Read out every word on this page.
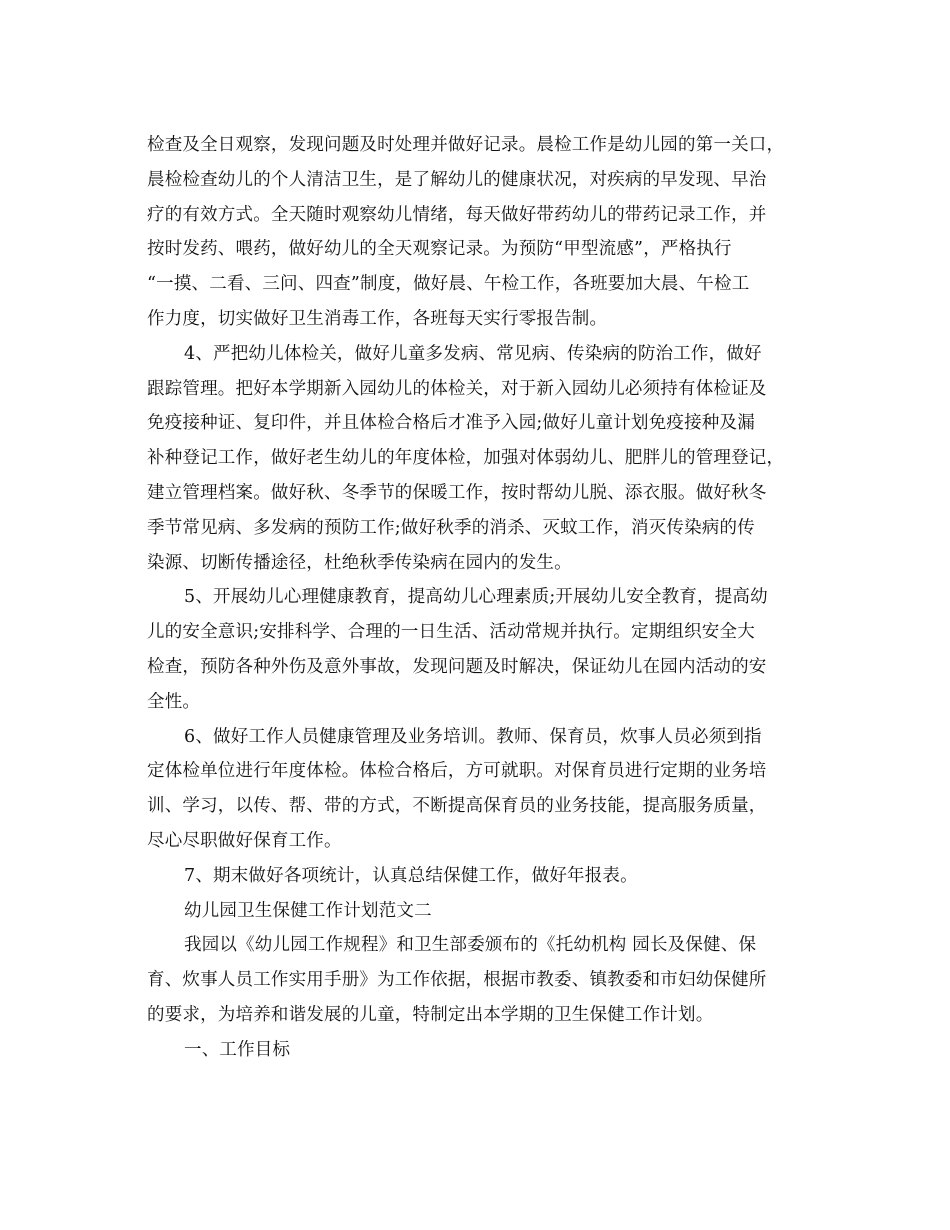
检查及全日观察，发现问题及时处理并做好记录。晨检工作是幼儿园的第一关口，
晨检检查幼儿的个人清洁卫生，是了解幼儿的健康状况，对疾病的早发现、早治
疗的有效方式。全天随时观察幼儿情绪，每天做好带药幼儿的带药记录工作，并
按时发药、喂药，做好幼儿的全天观察记录。为预防“甲型流感”，严格执行
“一摸、二看、三问、四查”制度，做好晨、午检工作，各班要加大晨、午检工
作力度，切实做好卫生消毒工作，各班每天实行零报告制。
4、严把幼儿体检关，做好儿童多发病、常见病、传染病的防治工作，做好
跟踪管理。把好本学期新入园幼儿的体检关，对于新入园幼儿必须持有体检证及
免疫接种证、复印件，并且体检合格后才准予入园;做好儿童计划免疫接种及漏
补种登记工作，做好老生幼儿的年度体检，加强对体弱幼儿、肥胖儿的管理登记，
建立管理档案。做好秋、冬季节的保暖工作，按时帮幼儿脱、添衣服。做好秋冬
季节常见病、多发病的预防工作;做好秋季的消杀、灭蚊工作，消灭传染病的传
染源、切断传播途径，杜绝秋季传染病在园内的发生。
5、开展幼儿心理健康教育，提高幼儿心理素质;开展幼儿安全教育，提高幼
儿的安全意识;安排科学、合理的一日生活、活动常规并执行。定期组织安全大
检查，预防各种外伤及意外事故，发现问题及时解决，保证幼儿在园内活动的安
全性。
6、做好工作人员健康管理及业务培训。教师、保育员，炊事人员必须到指
定体检单位进行年度体检。体检合格后，方可就职。对保育员进行定期的业务培
训、学习，以传、帮、带的方式，不断提高保育员的业务技能，提高服务质量，
尽心尽职做好保育工作。
7、期末做好各项统计，认真总结保健工作，做好年报表。
幼儿园卫生保健工作计划范文二
我园以《幼儿园工作规程》和卫生部委颁布的《托幼机构 园长及保健、保
育、炊事人员工作实用手册》为工作依据，根据市教委、镇教委和市妇幼保健所
的要求，为培养和谐发展的儿童，特制定出本学期的卫生保健工作计划。
一、工作目标
